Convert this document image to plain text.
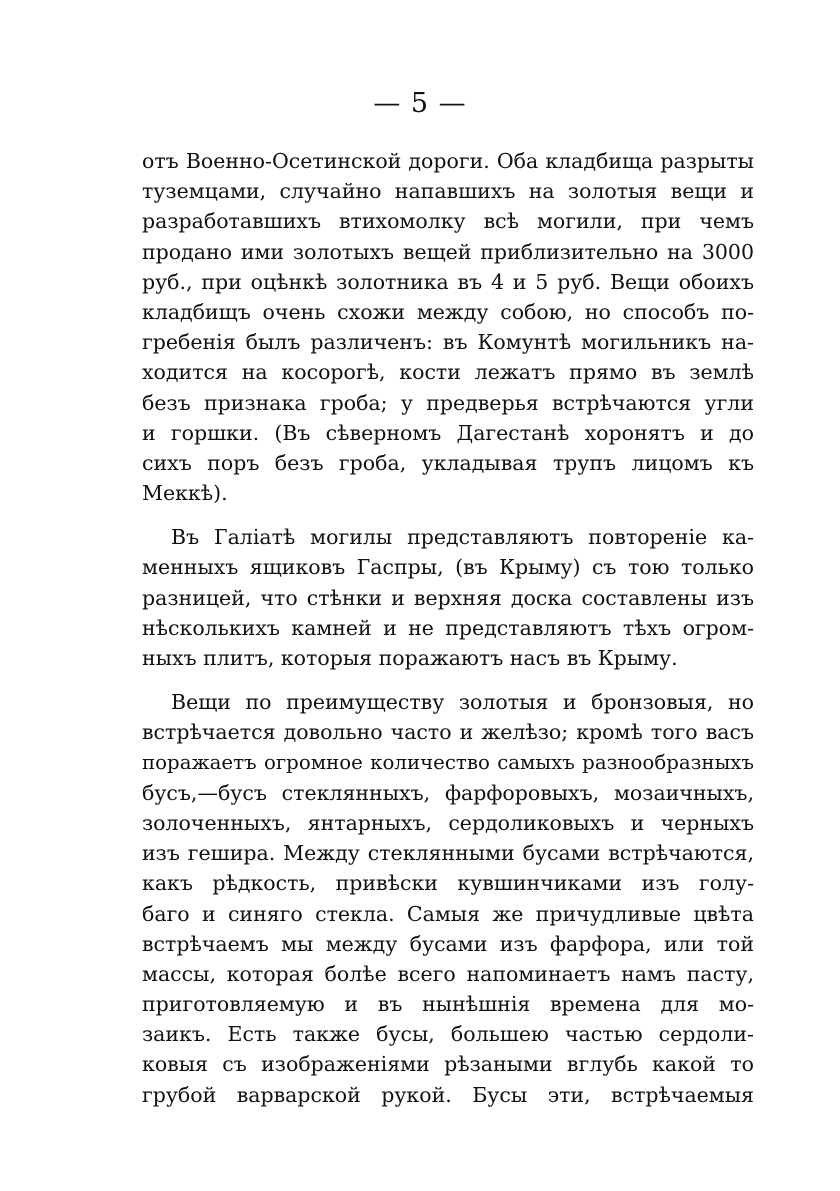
— 5 —
отъ Военно-Осетинской дороги. Оба кладбища разрыты
туземцами, случайно напавшихъ на золотыя вещи и
разработавшихъ втихомолку всѣ могили, при чемъ
продано ими золотыхъ вещей приблизительно на 3000
руб., при оцѣнкѣ золотника въ 4 и 5 руб. Вещи обоихъ
кладбищъ очень схожи между собою, но способъ по-
гребенія былъ различенъ: въ Комунтѣ могильникъ на-
ходится на косорогѣ, кости лежатъ прямо въ землѣ
безъ признака гроба; у предверья встрѣчаются угли
и горшки. (Въ сѣверномъ Дагестанѣ хоронятъ и до
сихъ поръ безъ гроба, укладывая трупъ лицомъ къ
Меккѣ).
Въ Галіатѣ могилы представляютъ повтореніе ка-
менныхъ ящиковъ Гаспры, (въ Крыму) съ тою только
разницей, что стѣнки и верхняя доска составлены изъ
нѣсколькихъ камней и не представляютъ тѣхъ огром-
ныхъ плитъ, которыя поражаютъ насъ въ Крыму.
Вещи по преимуществу золотыя и бронзовыя, но
встрѣчается довольно часто и желѣзо; кромѣ того васъ
поражаетъ огромное количество самыхъ разнообразныхъ
бусъ,—бусъ стеклянныхъ, фарфоровыхъ, мозаичныхъ,
золоченныхъ, янтарныхъ, сердоликовыхъ и черныхъ
изъ гешира. Между стеклянными бусами встрѣчаются,
какъ рѣдкость, привѣски кувшинчиками изъ голу-
баго и синяго стекла. Самыя же причудливые цвѣта
встрѣчаемъ мы между бусами изъ фарфора, или той
массы, которая болѣе всего напоминаетъ намъ пасту,
приготовляемую и въ нынѣшнія времена для мо-
заикъ. Есть также бусы, большею частью сердоли-
ковыя съ изображеніями рѣзаными вглубь какой то
грубой варварской рукой. Бусы эти, встрѣчаемыя
